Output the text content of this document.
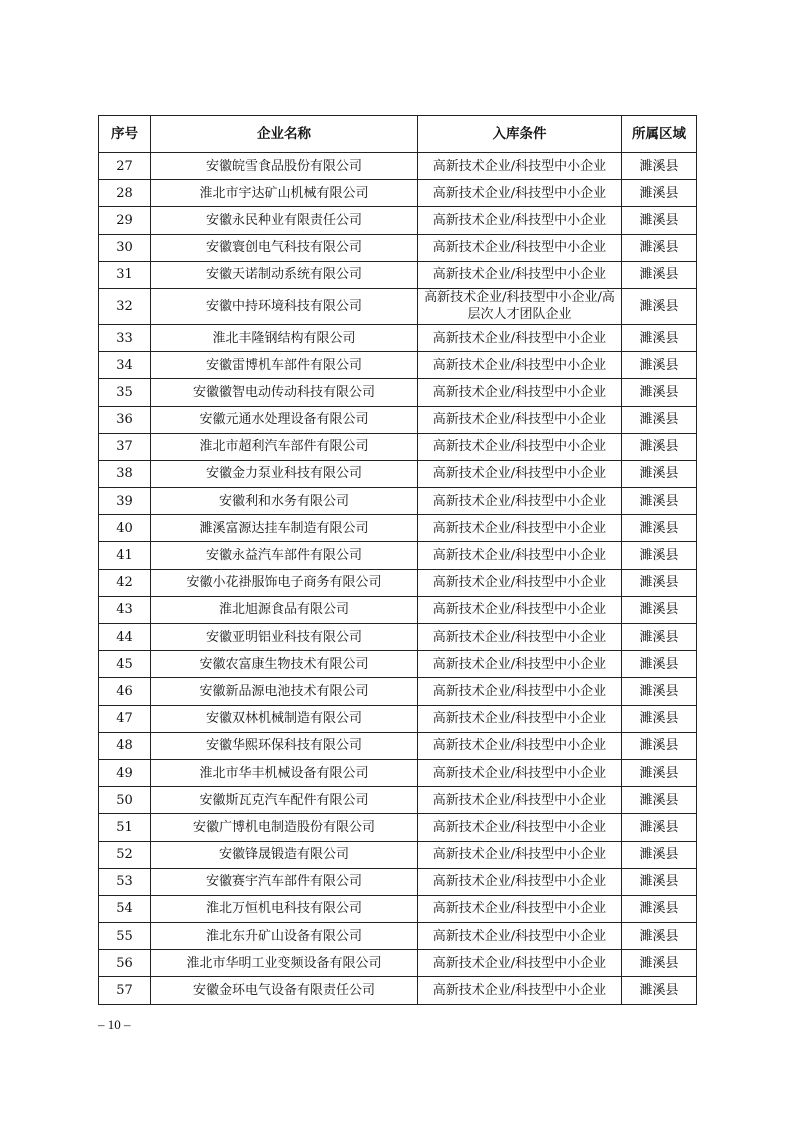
序号	企业名称	入库条件	所属区域
27	安徽皖雪食品股份有限公司	高新技术企业/科技型中小企业	濉溪县
28	淮北市宇达矿山机械有限公司	高新技术企业/科技型中小企业	濉溪县
29	安徽永民种业有限责任公司	高新技术企业/科技型中小企业	濉溪县
30	安徽寰创电气科技有限公司	高新技术企业/科技型中小企业	濉溪县
31	安徽天诺制动系统有限公司	高新技术企业/科技型中小企业	濉溪县
32	安徽中持环境科技有限公司	高新技术企业/科技型中小企业/高层次人才团队企业	濉溪县
33	淮北丰隆钢结构有限公司	高新技术企业/科技型中小企业	濉溪县
34	安徽雷博机车部件有限公司	高新技术企业/科技型中小企业	濉溪县
35	安徽徽智电动传动科技有限公司	高新技术企业/科技型中小企业	濉溪县
36	安徽元通水处理设备有限公司	高新技术企业/科技型中小企业	濉溪县
37	淮北市超利汽车部件有限公司	高新技术企业/科技型中小企业	濉溪县
38	安徽金力泵业科技有限公司	高新技术企业/科技型中小企业	濉溪县
39	安徽利和水务有限公司	高新技术企业/科技型中小企业	濉溪县
40	濉溪富源达挂车制造有限公司	高新技术企业/科技型中小企业	濉溪县
41	安徽永益汽车部件有限公司	高新技术企业/科技型中小企业	濉溪县
42	安徽小花褂服饰电子商务有限公司	高新技术企业/科技型中小企业	濉溪县
43	淮北旭源食品有限公司	高新技术企业/科技型中小企业	濉溪县
44	安徽亚明铝业科技有限公司	高新技术企业/科技型中小企业	濉溪县
45	安徽农富康生物技术有限公司	高新技术企业/科技型中小企业	濉溪县
46	安徽新品源电池技术有限公司	高新技术企业/科技型中小企业	濉溪县
47	安徽双林机械制造有限公司	高新技术企业/科技型中小企业	濉溪县
48	安徽华熙环保科技有限公司	高新技术企业/科技型中小企业	濉溪县
49	淮北市华丰机械设备有限公司	高新技术企业/科技型中小企业	濉溪县
50	安徽斯瓦克汽车配件有限公司	高新技术企业/科技型中小企业	濉溪县
51	安徽广博机电制造股份有限公司	高新技术企业/科技型中小企业	濉溪县
52	安徽锋晟锻造有限公司	高新技术企业/科技型中小企业	濉溪县
53	安徽赛宇汽车部件有限公司	高新技术企业/科技型中小企业	濉溪县
54	淮北万恒机电科技有限公司	高新技术企业/科技型中小企业	濉溪县
55	淮北东升矿山设备有限公司	高新技术企业/科技型中小企业	濉溪县
56	淮北市华明工业变频设备有限公司	高新技术企业/科技型中小企业	濉溪县
57	安徽金环电气设备有限责任公司	高新技术企业/科技型中小企业	濉溪县
– 10 –
